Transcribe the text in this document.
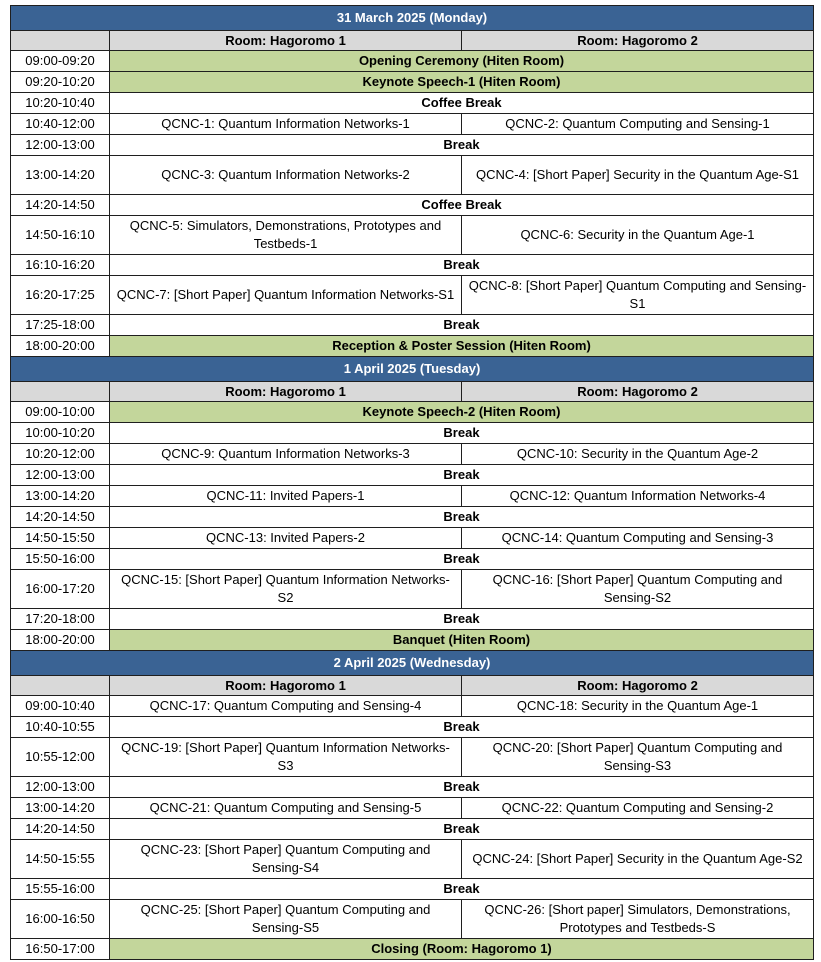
31 March 2025 (Monday)		
	Room: Hagoromo 1	Room: Hagoromo 2
09:00-09:20	Opening Ceremony (Hiten Room)	
09:20-10:20	Keynote Speech-1 (Hiten Room)	
10:20-10:40	Coffee Break	
10:40-12:00	QCNC-1: Quantum Information Networks-1	QCNC-2: Quantum Computing and Sensing-1
12:00-13:00	Break	
13:00-14:20	QCNC-3: Quantum Information Networks-2	QCNC-4: [Short Paper] Security in the Quantum Age-S1
14:20-14:50	Coffee Break	
14:50-16:10	QCNC-5: Simulators, Demonstrations, Prototypes and Testbeds-1	QCNC-6: Security in the Quantum Age-1
16:10-16:20	Break	
16:20-17:25	QCNC-7: [Short Paper] Quantum Information Networks-S1	QCNC-8: [Short Paper] Quantum Computing and Sensing-S1
17:25-18:00	Break	
18:00-20:00	Reception & Poster Session (Hiten Room)	
1 April 2025 (Tuesday)		
	Room: Hagoromo 1	Room: Hagoromo 2
09:00-10:00	Keynote Speech-2 (Hiten Room)	
10:00-10:20	Break	
10:20-12:00	QCNC-9: Quantum Information Networks-3	QCNC-10: Security in the Quantum Age-2
12:00-13:00	Break	
13:00-14:20	QCNC-11: Invited Papers-1	QCNC-12: Quantum Information Networks-4
14:20-14:50	Break	
14:50-15:50	QCNC-13: Invited Papers-2	QCNC-14: Quantum Computing and Sensing-3
15:50-16:00	Break	
16:00-17:20	QCNC-15: [Short Paper] Quantum Information Networks-S2	QCNC-16: [Short Paper] Quantum Computing and Sensing-S2
17:20-18:00	Break	
18:00-20:00	Banquet (Hiten Room)	
2 April 2025 (Wednesday)		
	Room: Hagoromo 1	Room: Hagoromo 2
09:00-10:40	QCNC-17: Quantum Computing and Sensing-4	QCNC-18: Security in the Quantum Age-1
10:40-10:55	Break	
10:55-12:00	QCNC-19: [Short Paper] Quantum Information Networks-S3	QCNC-20: [Short Paper] Quantum Computing and Sensing-S3
12:00-13:00	Break	
13:00-14:20	QCNC-21: Quantum Computing and Sensing-5	QCNC-22: Quantum Computing and Sensing-2
14:20-14:50	Break	
14:50-15:55	QCNC-23: [Short Paper] Quantum Computing and Sensing-S4	QCNC-24: [Short Paper] Security in the Quantum Age-S2
15:55-16:00	Break	
16:00-16:50	QCNC-25: [Short Paper] Quantum Computing and Sensing-S5	QCNC-26: [Short paper] Simulators, Demonstrations, Prototypes and Testbeds-S
16:50-17:00	Closing (Room: Hagoromo 1)	
